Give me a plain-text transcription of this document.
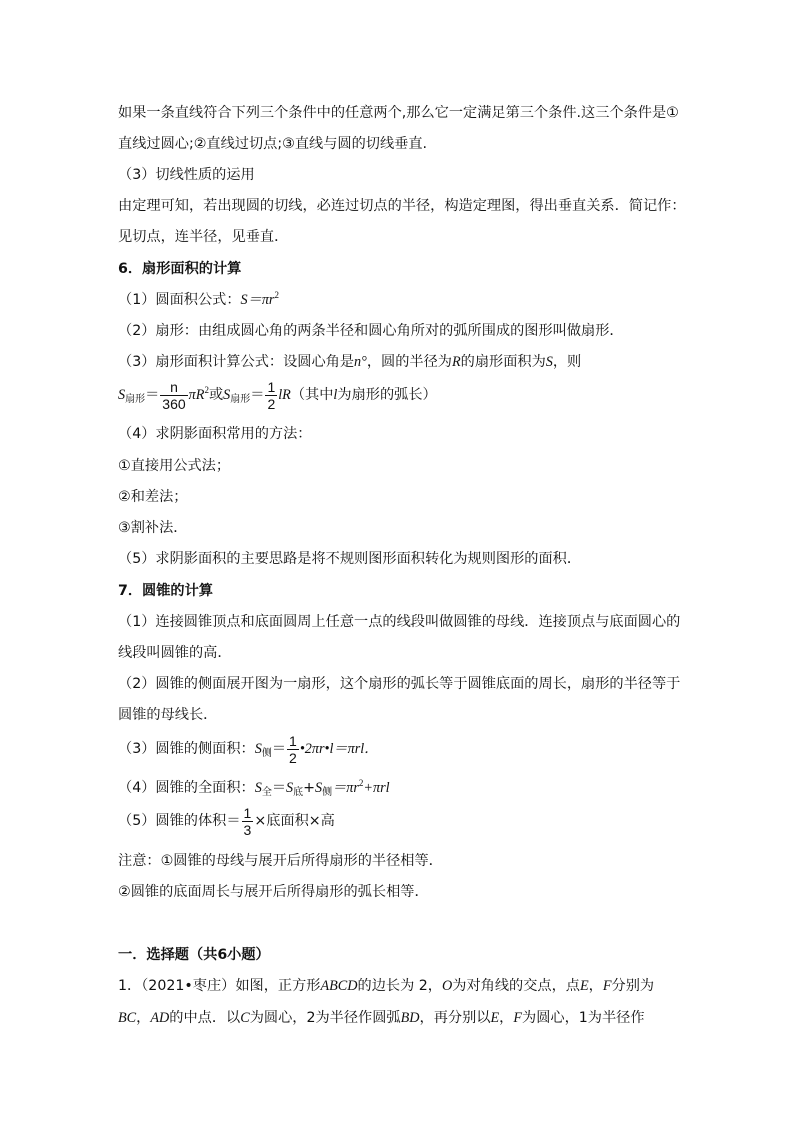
如果一条直线符合下列三个条件中的任意两个,那么它一定满足第三个条件.这三个条件是①
直线过圆心;②直线过切点;③直线与圆的切线垂直.
（3）切线性质的运用
由定理可知，若出现圆的切线，必连过切点的半径，构造定理图，得出垂直关系．简记作：
见切点，连半径，见垂直．
6．扇形面积的计算
（1）圆面积公式：$S=\pi r^2$
（2）扇形：由组成圆心角的两条半径和圆心角所对的弧所围成的图形叫做扇形．
（3）扇形面积计算公式：设圆心角是n°，圆的半径为R的扇形面积为S，则
$S_{扇形}= \frac{n}{360} \pi R^2$或$S_{扇形}= \frac{1}{2} lR$（其中l为扇形的弧长）
（4）求阴影面积常用的方法：
①直接用公式法；
②和差法；
③割补法．
（5）求阴影面积的主要思路是将不规则图形面积转化为规则图形的面积．
7．圆锥的计算
（1）连接圆锥顶点和底面圆周上任意一点的线段叫做圆锥的母线．连接顶点与底面圆心的
线段叫圆锥的高．
（2）圆锥的侧面展开图为一扇形，这个扇形的弧长等于圆锥底面的周长，扇形的半径等于
圆锥的母线长．
（3）圆锥的侧面积：$S_侧= \frac{1}{2}$ •2πr•l＝πrl．
（4）圆锥的全面积：$S_全=S_底+S_侧=\pi r^2+\pi rl$
（5）圆锥的体积＝ $\frac{1}{3}$ ×底面积×高
注意：①圆锥的母线与展开后所得扇形的半径相等．
②圆锥的底面周长与展开后所得扇形的弧长相等．
一．选择题（共6小题）
1．（2021•枣庄）如图，正方形ABCD的边长为 2，O为对角线的交点，点E，F分别为
BC，AD的中点．以C为圆心，2为半径作圆弧BD，再分别以E，F为圆心，1为半径作
